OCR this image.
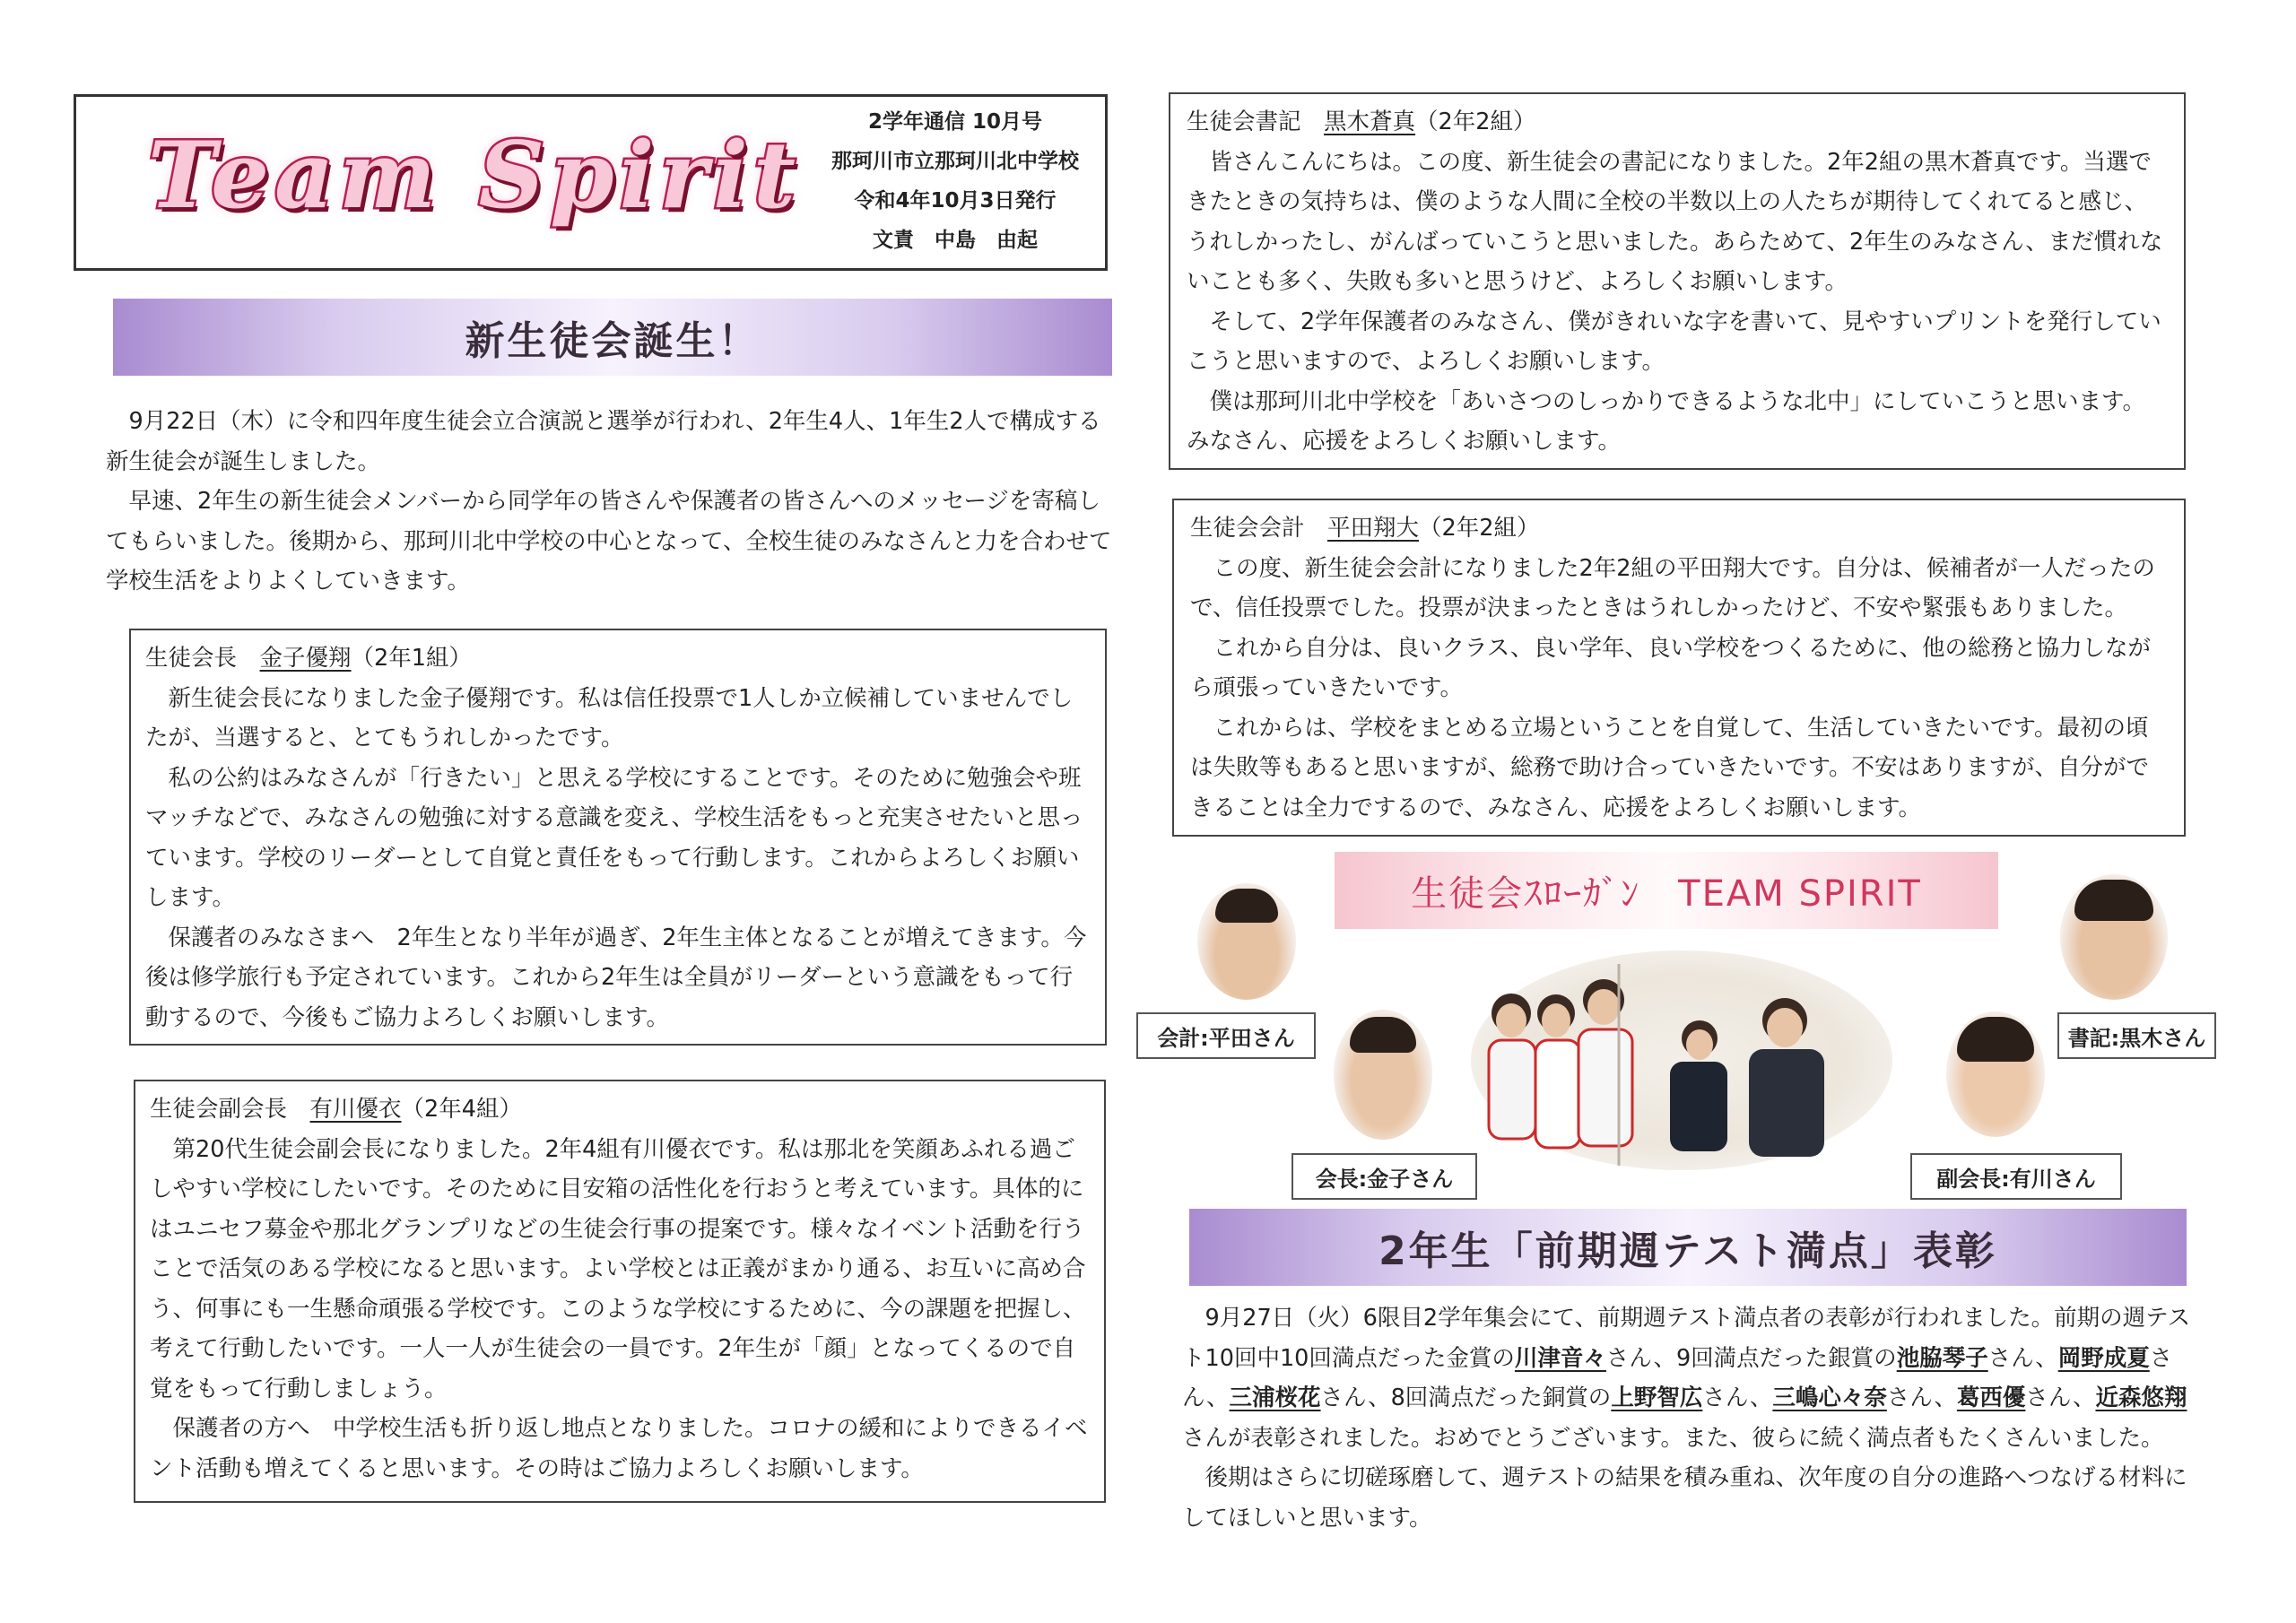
Team Spirit	2学年通信 10月号
那珂川市立那珂川北中学校
令和4年10月3日発行
文責　中島　由起
新生徒会誕生！

9月22日（木）に令和四年度生徒会立合演説と選挙が行われ、2年生4人、1年生2人で構成する新生徒会が誕生しました。

早速、2年生の新生徒会メンバーから同学年の皆さんや保護者の皆さんへのメッセージを寄稿してもらいました。後期から、那珂川北中学校の中心となって、全校生徒のみなさんと力を合わせて学校生活をよりよくしていきます。

生徒会長　 金子優翔（2年1組）

新生徒会長になりました金子優翔です。私は信任投票で1人しか立候補していませんでしたが、当選すると、とてもうれしかったです。

私の公約はみなさんが「行きたい」と思える学校にすることです。そのために勉強会や班マッチなどで、みなさんの勉強に対する意識を変え、学校生活をもっと充実させたいと思っています。学校のリーダーとして自覚と責任をもって行動します。これからよろしくお願いします。

保護者のみなさまへ　2年生となり半年が過ぎ、2年生主体となることが増えてきます。今後は修学旅行も予定されています。これから2年生は全員がリーダーという意識をもって行動するので、今後もご協力よろしくお願いします。

生徒会副会長　 有川優衣（2年4組）

第20代生徒会副会長になりました。2年4組有川優衣です。私は那北を笑顔あふれる過ごしやすい学校にしたいです。そのために目安箱の活性化を行おうと考えています。具体的にはユニセフ募金や那北グランプリなどの生徒会行事の提案です。様々なイベント活動を行うことで活気のある学校になると思います。よい学校とは正義がまかり通る、お互いに高め合う、何事にも一生懸命頑張る学校です。このような学校にするために、今の課題を把握し、考えて行動したいです。一人一人が生徒会の一員です。2年生が「顔」となってくるので自覚をもって行動しましょう。

保護者の方へ　中学校生活も折り返し地点となりました。コロナの緩和によりできるイベント活動も増えてくると思います。その時はご協力よろしくお願いします。

生徒会書記　 黒木蒼真（2年2組）

皆さんこんにちは。この度、新生徒会の書記になりました。2年2組の黒木蒼真です。当選できたときの気持ちは、僕のような人間に全校の半数以上の人たちが期待してくれてると感じ、うれしかったし、がんばっていこうと思いました。あらためて、2年生のみなさん、まだ慣れないことも多く、失敗も多いと思うけど、よろしくお願いします。

そして、2学年保護者のみなさん、僕がきれいな字を書いて、見やすいプリントを発行していこうと思いますので、よろしくお願いします。

僕は那珂川北中学校を「あいさつのしっかりできるような北中」にしていこうと思います。みなさん、応援をよろしくお願いします。

生徒会会計　 平田翔大（2年2組）

この度、新生徒会会計になりました2年2組の平田翔大です。自分は、候補者が一人だったので、信任投票でした。投票が決まったときはうれしかったけど、不安や緊張もありました。

これから自分は、良いクラス、良い学年、良い学校をつくるために、他の総務と協力しながら頑張っていきたいです。

これからは、学校をまとめる立場ということを自覚して、生活していきたいです。最初の頃は失敗等もあると思いますが、総務で助け合っていきたいです。不安はありますが、自分ができることは全力でするので、みなさん、応援をよろしくお願いします。

生徒会ｽﾛｰｶﾞﾝ　TEAM SPIRIT
会計:平田さん
会長:金子さん	副会長:有川さん
書記:黒木さん
2年生「前期週テスト満点」表彰

9月27日（火）6限目2学年集会にて、前期週テスト満点者の表彰が行われました。前期の週テスト10回中10回満点だった金賞の川津音々さん、9回満点だった銀賞の池脇琴子さん、岡野成夏さん、三浦桜花さん、8回満点だった銅賞の上野智広さん、三嶋心々奈さん、葛西優さん、近森悠翔さんが表彰されました。おめでとうございます。また、彼らに続く満点者もたくさんいました。

後期はさらに切磋琢磨して、週テストの結果を積み重ね、次年度の自分の進路へつなげる材料にしてほしいと思います。
